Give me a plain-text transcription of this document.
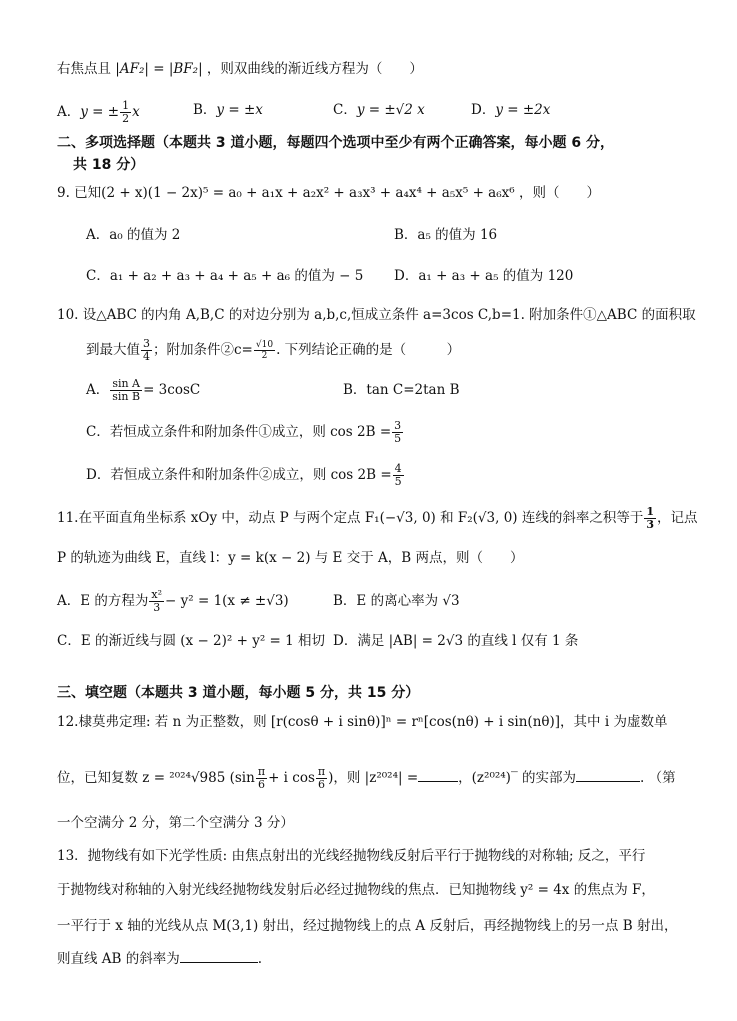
右焦点且 |AF₂| = |BF₂| ，则双曲线的渐近线方程为（　　）
A．y = ± $\frac{1}{2}$ x	B．y = ±x	C．y = ±√2 x	D．y = ±2x
二、多项选择题（本题共 3 道小题，每题四个选项中至少有两个正确答案，每小题 6 分，
共 18 分）
9. 已知(2 + x)(1 − 2x)⁵ = a₀ + a₁x + a₂x² + a₃x³ + a₄x⁴ + a₅x⁵ + a₆x⁶ ，则（　　）
A．a₀ 的值为 2	B．a₅ 的值为 16
C．a₁ + a₂ + a₃ + a₄ + a₅ + a₆ 的值为 − 5 D．a₁ + a₃ + a₅ 的值为 120
10. 设△ABC 的内角 A,B,C 的对边分别为 a,b,c,恒成立条件 a=3cos C,b=1. 附加条件①△ABC 的面积取
到最大值 $\frac{3}{4}$ ；附加条件②c= $\frac{√10}{2}$ . 下列结论正确的是（　　　）
A． $\frac{\text{sin A}}{\text{sin B}} = 3\cos C$	B．tan C=2tan B
C．若恒成立条件和附加条件①成立，则 $\cos 2B = \frac{3}{5}$
D．若恒成立条件和附加条件②成立，则 $\cos 2B = \frac{4}{5}$
11.在平面直角坐标系 xOy 中，动点 P 与两个定点 F₁(−√3, 0) 和 F₂(√3, 0) 连线的斜率之积等于 $\frac{1}{3}$ ，记点
P 的轨迹为曲线 E，直线 l：y = k(x − 2) 与 E 交于 A，B 两点，则（　　）
A．E 的方程为 $\frac{\text{x²}}{3} - y^2 = 1(x \ne \pm√3)$	B．E 的离心率为 √3
C．E 的渐近线与圆 (x − 2)² + y² = 1 相切 D．满足 |AB| = 2√3 的直线 l 仅有 1 条
三、填空题（本题共 3 道小题，每小题 5 分，共 15 分）
12.棣莫弗定理: 若 n 为正整数，则 [r(cosθ + i sinθ)]ⁿ = rⁿ[cos(nθ) + i sin(nθ)]，其中 i 为虚数单
位，已知复数 z = ²⁰²⁴√985 ($\sin \frac{\pi}{6} + i$ $\cos \frac{\pi}{6}$ )，则 |z²⁰²⁴| =	，(z²⁰²⁴)‾ 的实部为	. （第
一个空满分 2 分，第二个空满分 3 分）
13．抛物线有如下光学性质: 由焦点射出的光线经抛物线反射后平行于抛物线的对称轴; 反之，平行
于抛物线对称轴的入射光线经抛物线发射后必经过抛物线的焦点．已知抛物线 y² = 4x 的焦点为 F，
一平行于 x 轴的光线从点 M(3,1) 射出，经过抛物线上的点 A 反射后，再经抛物线上的另一点 B 射出，
则直线 AB 的斜率为	.
